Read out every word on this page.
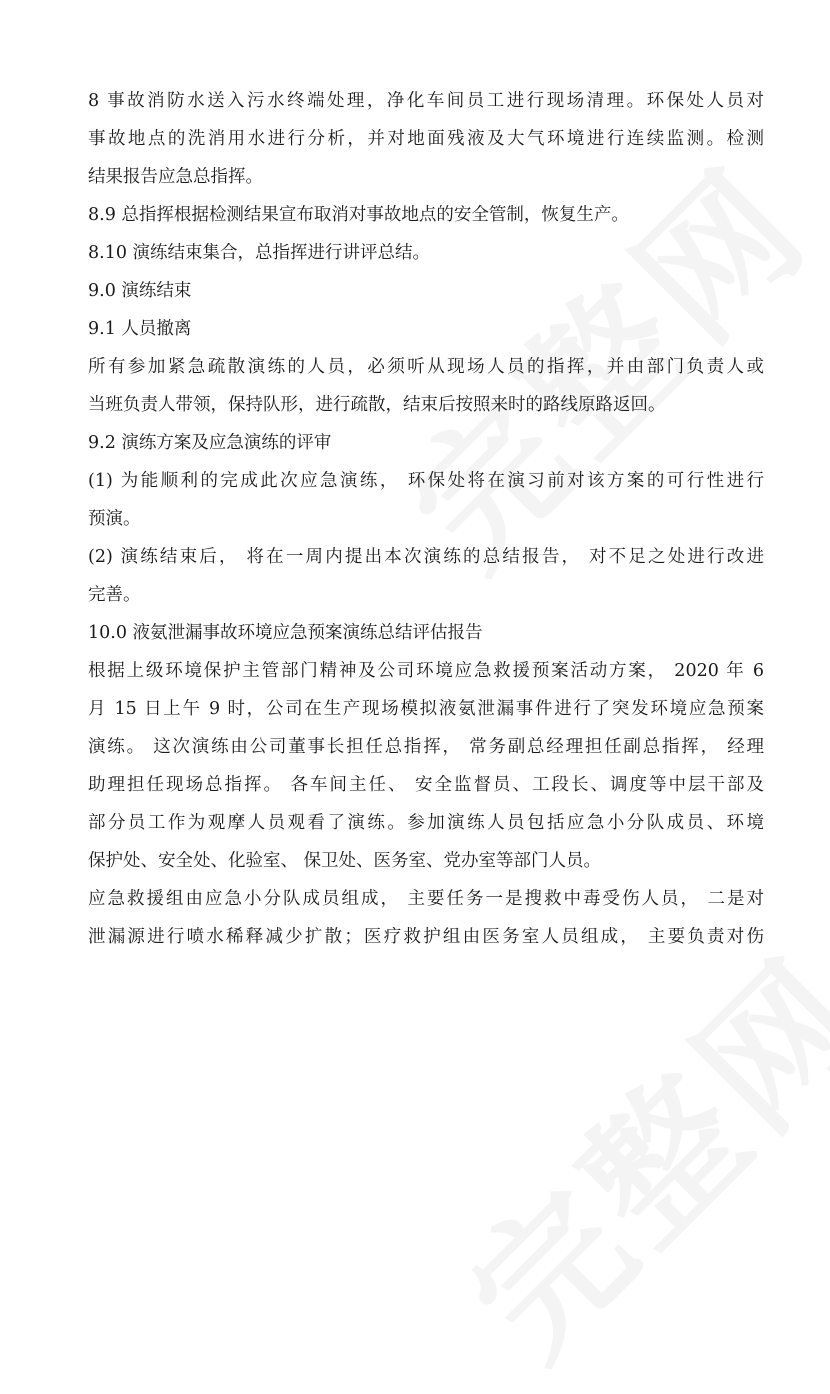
8 事故消防水送入污水终端处理，净化车间员工进行现场清理。环保处人员对
事故地点的洗消用水进行分析，并对地面残液及大气环境进行连续监测。检测
结果报告应急总指挥。
8.9 总指挥根据检测结果宣布取消对事故地点的安全管制，恢复生产。
8.10 演练结束集合，总指挥进行讲评总结。
9.0 演练结束
9.1 人员撤离
所有参加紧急疏散演练的人员，必须听从现场人员的指挥，并由部门负责人或
当班负责人带领，保持队形，进行疏散，结束后按照来时的路线原路返回。
9.2 演练方案及应急演练的评审
(1) 为能顺利的完成此次应急演练， 环保处将在演习前对该方案的可行性进行
预演。
(2) 演练结束后， 将在一周内提出本次演练的总结报告， 对不足之处进行改进
完善。
10.0 液氨泄漏事故环境应急预案演练总结评估报告
根据上级环境保护主管部门精神及公司环境应急救援预案活动方案， 2020 年 6
月 15 日上午 9 时，公司在生产现场模拟液氨泄漏事件进行了突发环境应急预案
演练。 这次演练由公司董事长担任总指挥， 常务副总经理担任副总指挥， 经理
助理担任现场总指挥。 各车间主任、 安全监督员、工段长、调度等中层干部及
部分员工作为观摩人员观看了演练。参加演练人员包括应急小分队成员、环境
保护处、安全处、化验室、 保卫处、医务室、党办室等部门人员。
应急救援组由应急小分队成员组成， 主要任务一是搜救中毒受伤人员， 二是对
泄漏源进行喷水稀释减少扩散；医疗救护组由医务室人员组成， 主要负责对伤
